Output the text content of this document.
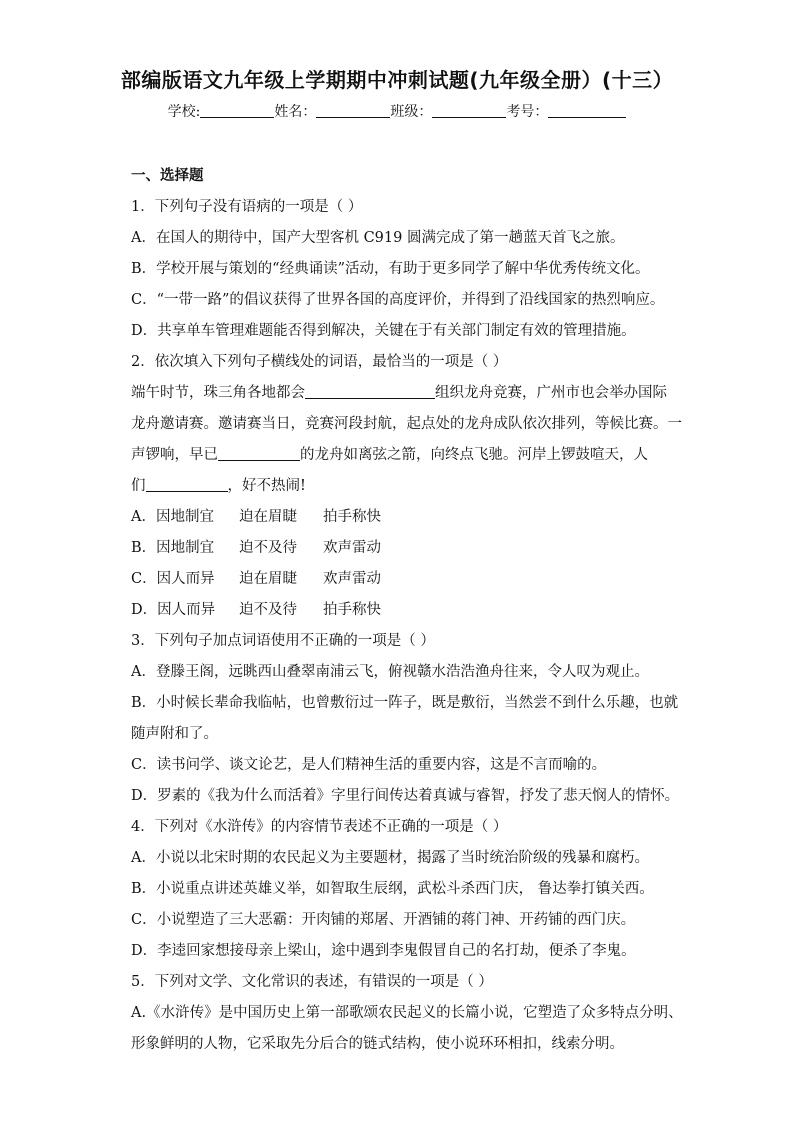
部编版语文九年级上学期期中冲刺试题(九年级全册）(十三）
学校:	姓名：	班级：	考号：
一、选择题
1．下列句子没有语病的一项是（ ）
A．在国人的期待中，国产大型客机 C919 圆满完成了第一趟蓝天首飞之旅。
B．学校开展与策划的“经典诵读”活动，有助于更多同学了解中华优秀传统文化。
C．“一带一路”的倡议获得了世界各国的高度评价，并得到了沿线国家的热烈响应。
D．共享单车管理难题能否得到解决，关键在于有关部门制定有效的管理措施。
2．依次填入下列句子横线处的词语，最恰当的一项是（ ）
端午时节，珠三角各地都会	组织龙舟竞赛，广州市也会举办国际
龙舟邀请赛。邀请赛当日，竞赛河段封航，起点处的龙舟成队依次排列，等候比赛。一
声锣响，早已	的龙舟如离弦之箭，向终点飞驰。河岸上锣鼓喧天，人
们	，好不热闹!
A．因地制宜 迫在眉睫 拍手称快
B．因地制宜 迫不及待 欢声雷动
C．因人而异 迫在眉睫 欢声雷动
D．因人而异 迫不及待 拍手称快
3．下列句子加点词语使用不正确的一项是（ ）
A．登滕王阁，远眺西山叠翠南浦云飞，俯视赣水浩浩渔舟往来，令人叹为观止。
B．小时候长辈命我临帖，也曾敷衍过一阵子，既是敷衍，当然尝不到什么乐趣，也就
随声附和了。
C．读书问学、谈文论艺，是人们精神生活的重要内容，这是不言而喻的。
D．罗素的《我为什么而活着》字里行间传达着真诚与睿智，抒发了悲天悯人的情怀。
4．下列对《水浒传》的内容情节表述不正确的一项是（ ）
A．小说以北宋时期的农民起义为主要题材，揭露了当时统治阶级的残暴和腐朽。
B．小说重点讲述英雄义举，如智取生辰纲，武松斗杀西门庆， 鲁达拳打镇关西。
C．小说塑造了三大恶霸：开肉铺的郑屠、开酒铺的蒋门神、开药铺的西门庆。
D．李逵回家想接母亲上梁山，途中遇到李鬼假冒自己的名打劫，便杀了李鬼。
5．下列对文学、文化常识的表述，有错误的一项是（ ）
A.《水浒传》是中国历史上第一部歌颂农民起义的长篇小说，它塑造了众多特点分明、
形象鲜明的人物，它采取先分后合的链式结构，使小说环环相扣，线索分明。
